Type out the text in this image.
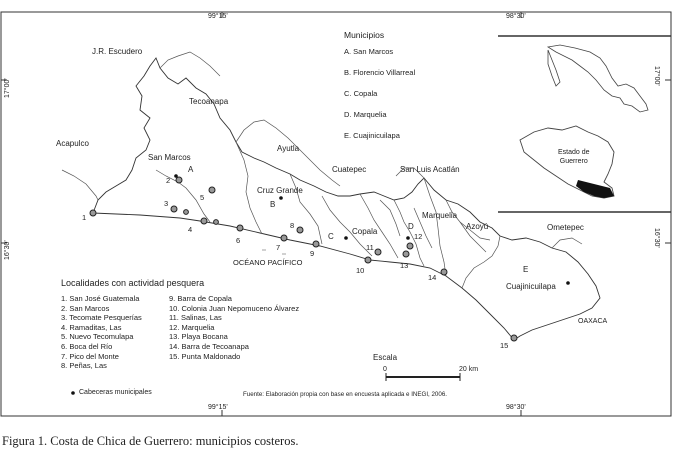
99°15'	98°30'
99°15'	98°30'
17°00'
16°30'
17°00'
16°30'
Municipios
A. San Marcos
B. Florencio Villarreal
C. Copala
D. Marquelia
E. Cuajinicuilapa
Estado de
Guerrero
J.R. Escudero
Tecoanapa
Acapulco
San Marcos
Ayutla
Cruz Grande
Cuatepec	San Luis Acatlán
Copala
Marquelia
Azoyú	Ometepec
Cuajinicuilapa
OAXACA
OCÉANO PACÍFICO
A
B
C
D
E
1
2
3
4
5
6
7
8
9
10
11
12
13
14
15
Localidades con actividad pesquera
1. San José Guatemala
2. San Marcos
3. Tecomate Pesquerías
4. Ramaditas, Las
5. Nuevo Tecomulapa
6. Boca del Río
7. Pico del Monte
8. Peñas, Las
9. Barra de Copala
10. Colonia Juan Nepomuceno Álvarez
11. Salinas, Las
12. Marquelia
13. Playa Bocana
14. Barra de Tecoanapa
15. Punta Maldonado
Cabeceras municipales
Escala
0	20 km
Fuente: Elaboración propia con base en encuesta aplicada e INEGI, 2006.
Figura 1. Costa de Chica de Guerrero: municipios costeros.
